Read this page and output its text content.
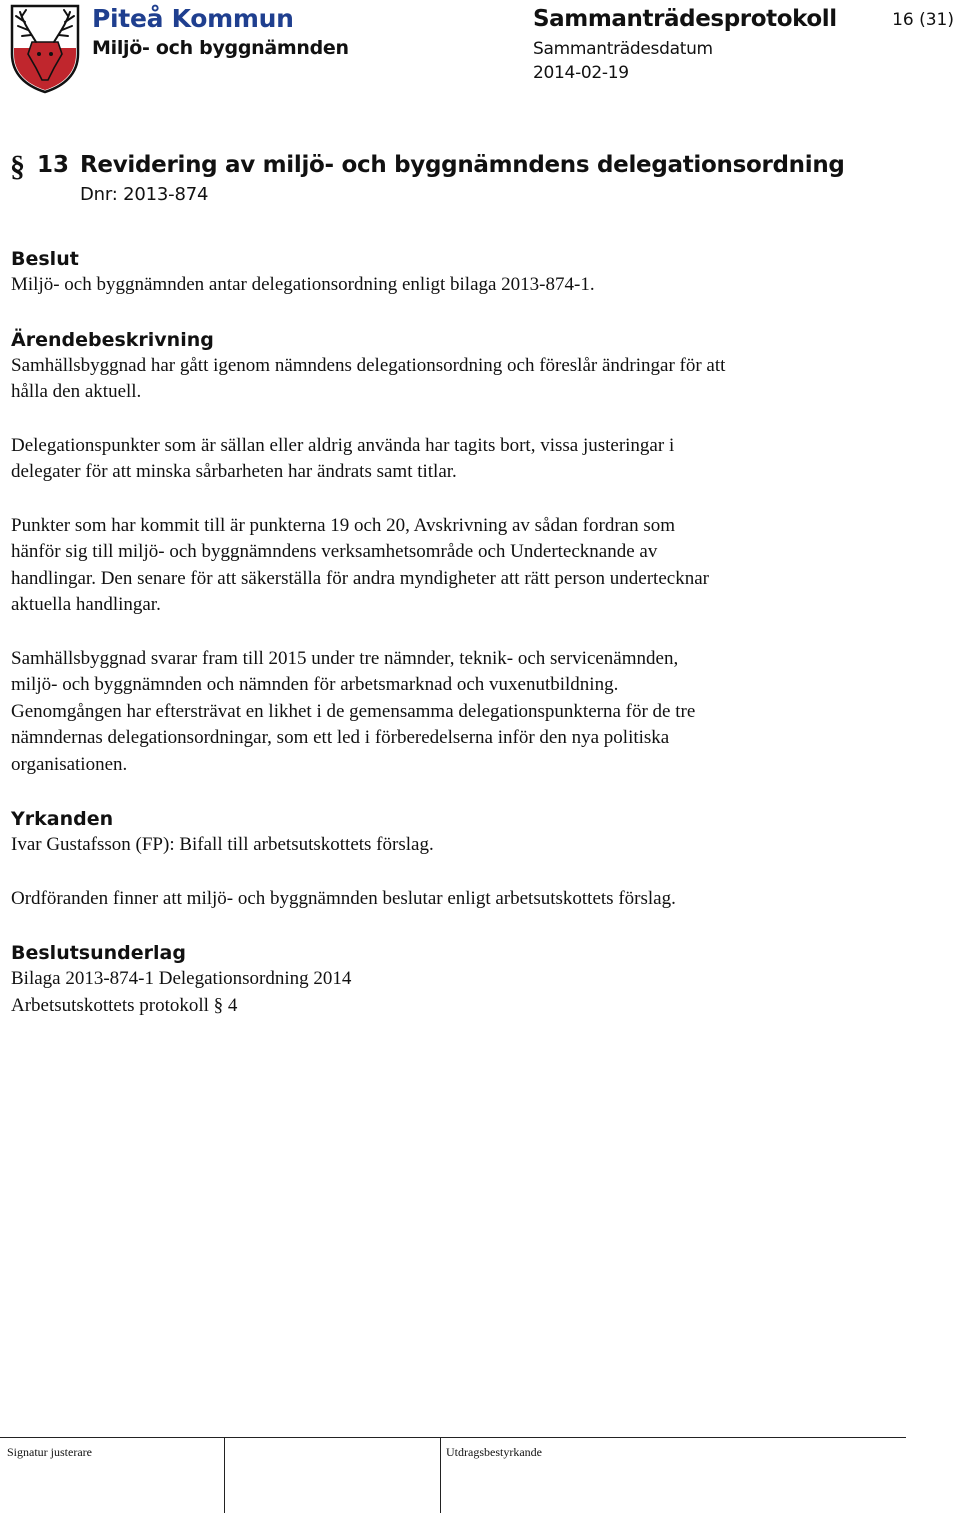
Piteå Kommun
Miljö- och byggnämnden
Sammanträdesprotokoll
Sammanträdesdatum
2014-02-19
16 (31)
§ 13 Revidering av miljö- och byggnämndens delegationsordning
Dnr: 2013-874

Beslut

Miljö- och byggnämnden antar delegationsordning enligt bilaga 2013-874-1.

Ärendebeskrivning

Samhällsbyggnad har gått igenom nämndens delegationsordning och föreslår ändringar för att
hålla den aktuell.

Delegationspunkter som är sällan eller aldrig använda har tagits bort, vissa justeringar i
delegater för att minska sårbarheten har ändrats samt titlar.

Punkter som har kommit till är punkterna 19 och 20, Avskrivning av sådan fordran som
hänför sig till miljö- och byggnämndens verksamhetsområde och Undertecknande av
handlingar. Den senare för att säkerställa för andra myndigheter att rätt person undertecknar
aktuella handlingar.

Samhällsbyggnad svarar fram till 2015 under tre nämnder, teknik- och servicenämnden,
miljö- och byggnämnden och nämnden för arbetsmarknad och vuxenutbildning.
Genomgången har eftersträvat en likhet i de gemensamma delegationspunkterna för de tre
nämndernas delegationsordningar, som ett led i förberedelserna inför den nya politiska
organisationen.

Yrkanden

Ivar Gustafsson (FP): Bifall till arbetsutskottets förslag.

Ordföranden finner att miljö- och byggnämnden beslutar enligt arbetsutskottets förslag.

Beslutsunderlag

Bilaga 2013-874-1 Delegationsordning 2014
Arbetsutskottets protokoll § 4

Signatur justerare	Utdragsbestyrkande
